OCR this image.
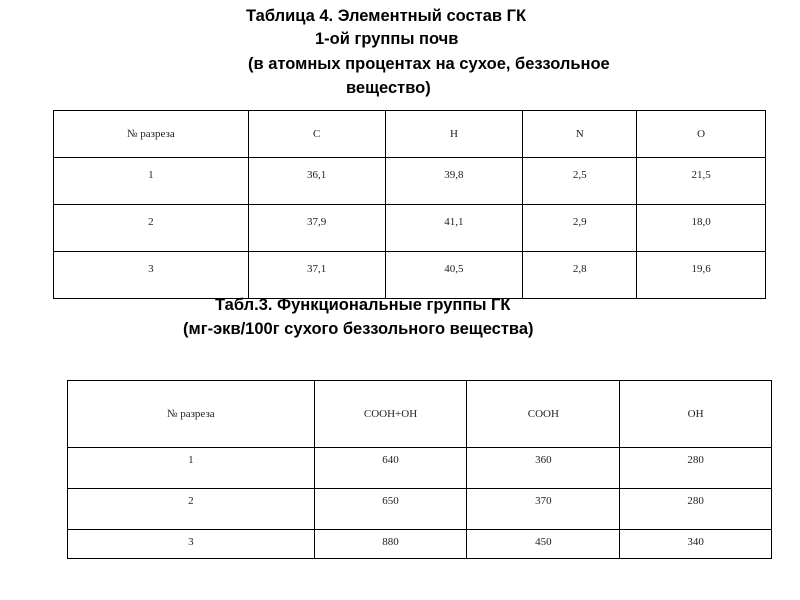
Таблица 4. Элементный состав ГК
1-ой группы почв
(в атомных процентах на сухое, беззольное
вещество)
№ разреза	С	Н	N	O
1	36,1	39,8	2,5	21,5
2	37,9	41,1	2,9	18,0
3	37,1	40,5	2,8	19,6
Табл.3. Функциональные группы ГК
(мг-экв/100г сухого беззольного вещества)
№ разреза	СООН+ОН	СООН	ОН
1	640	360	280
2	650	370	280
3	880	450	340
